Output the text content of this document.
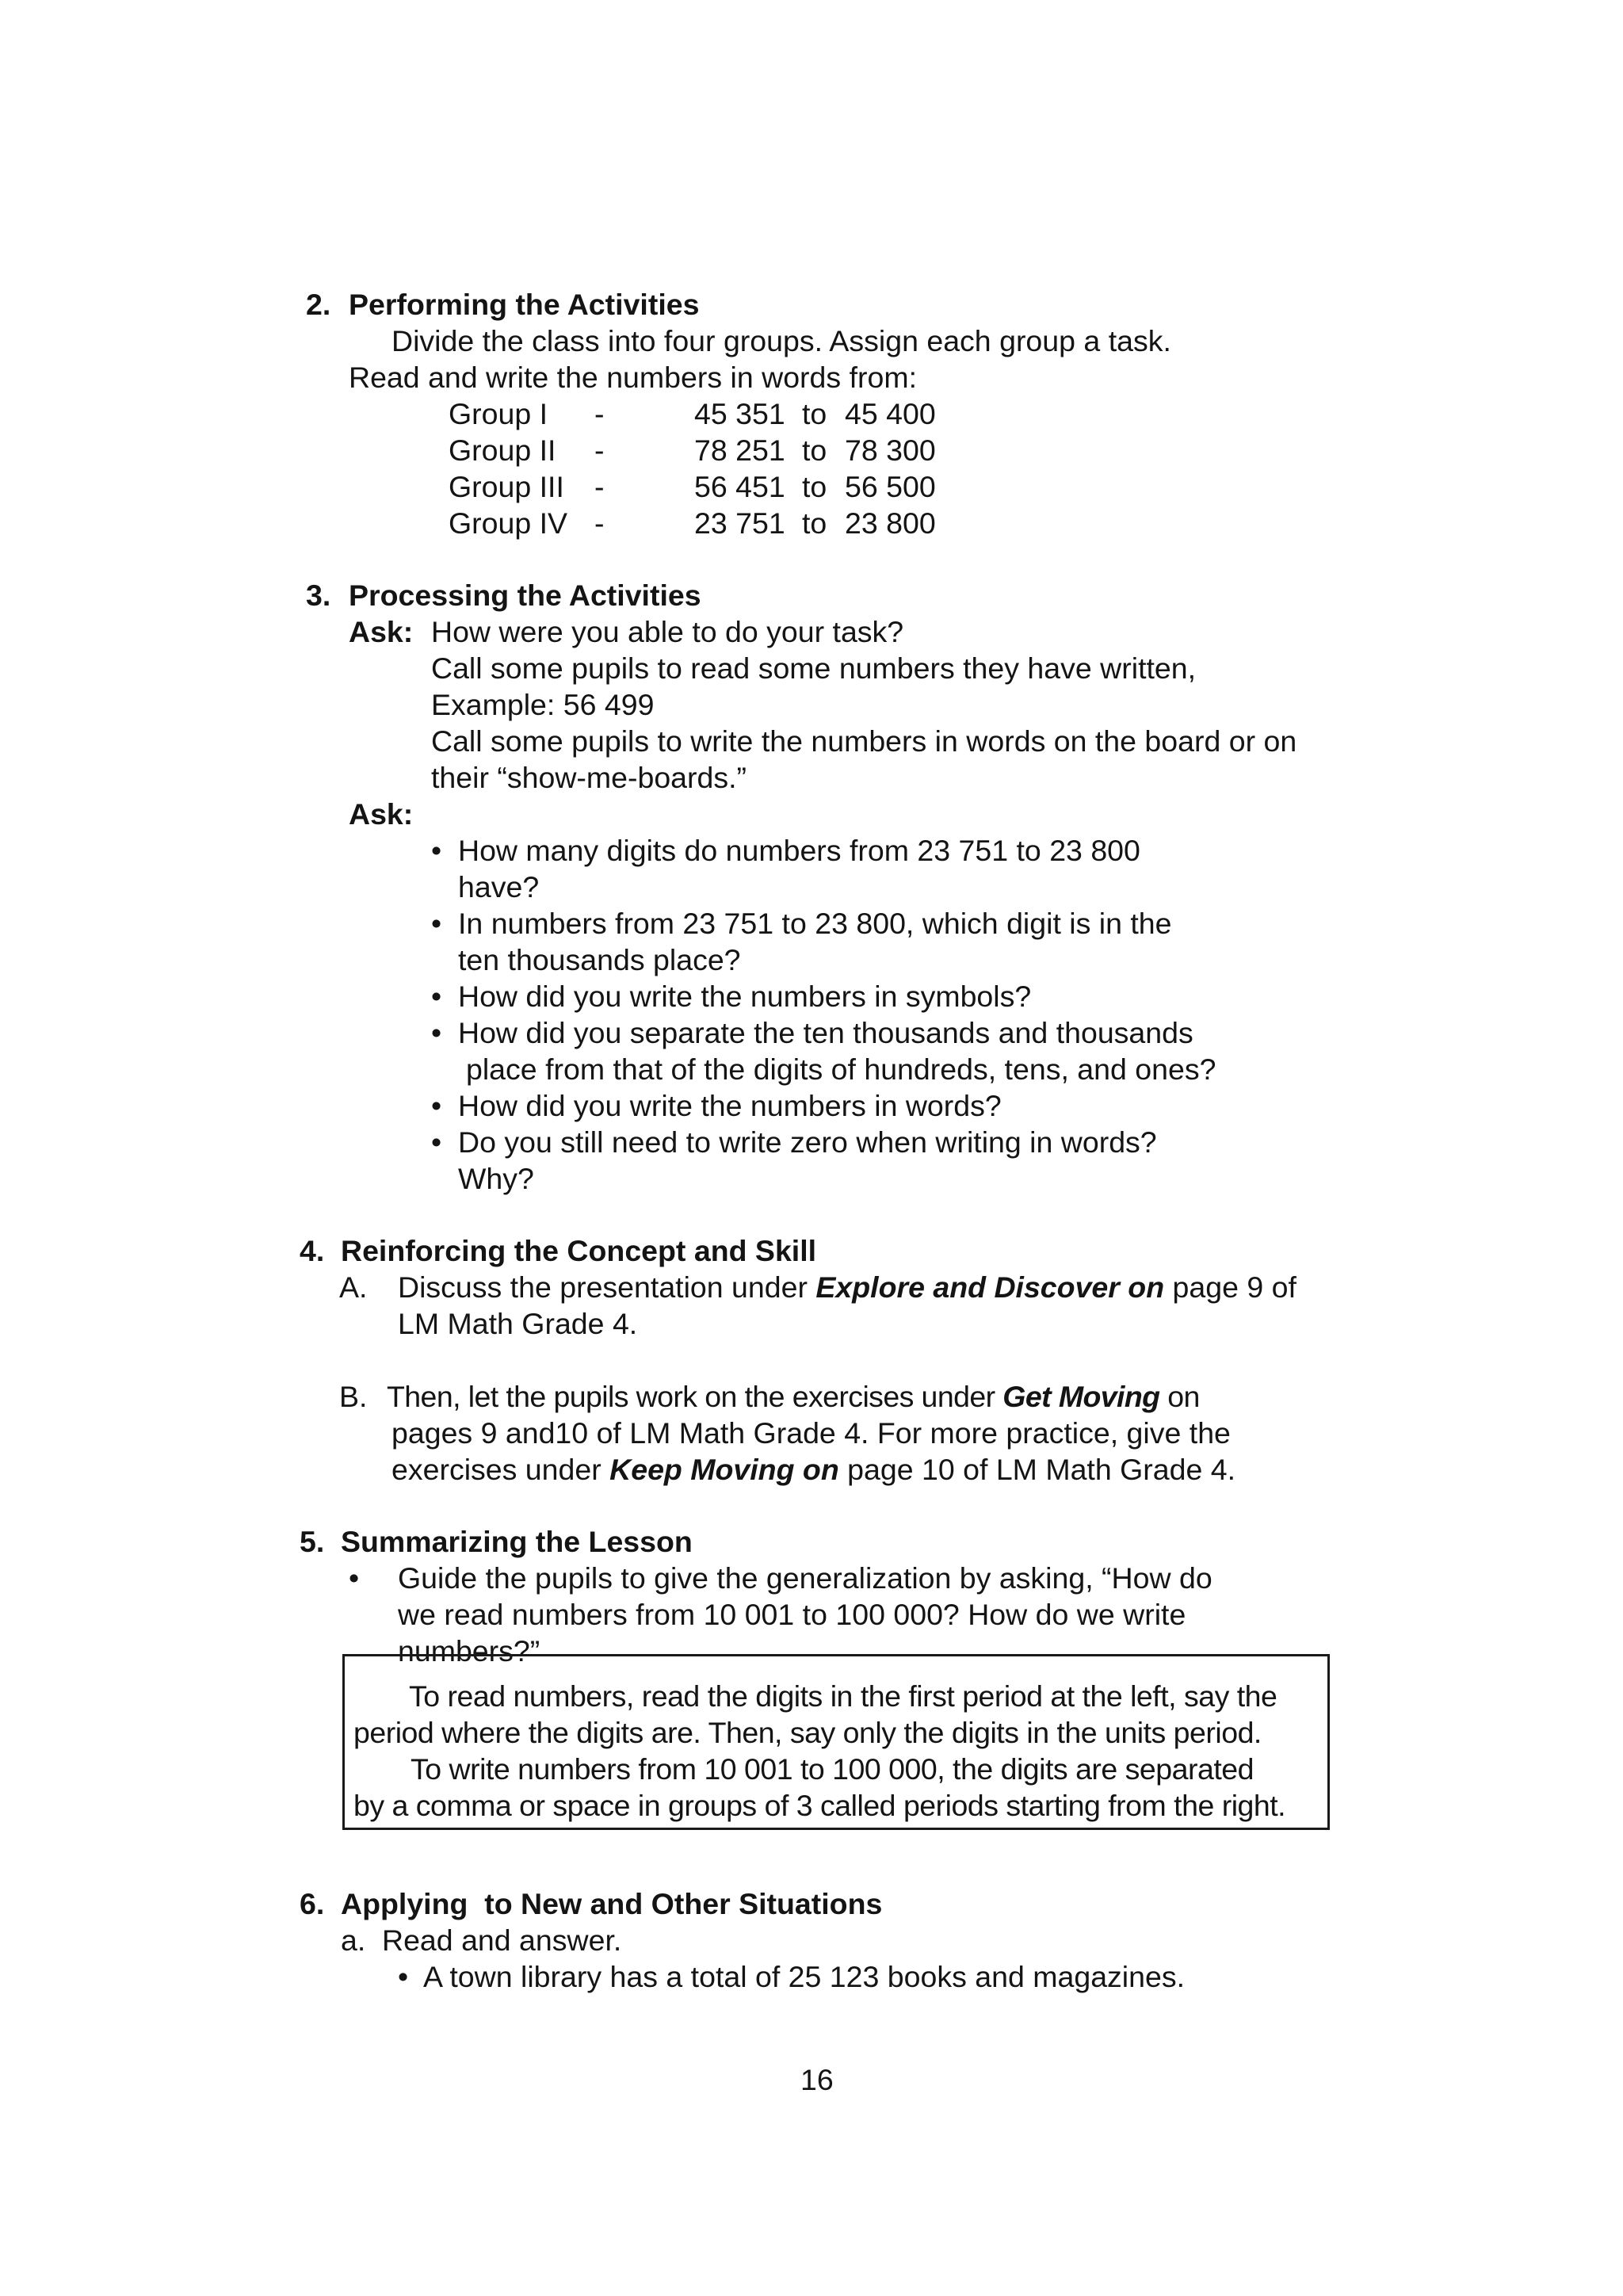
2. Performing the Activities
Divide the class into four groups. Assign each group a task.
Read and write the numbers in words from:
Group I -	45 351 to 45 400
Group II -	78 251 to 78 300
Group III -	56 451 to 56 500
Group IV -	23 751 to 23 800
3. Processing the Activities
Ask: How were you able to do your task?
Call some pupils to read some numbers they have written,
Example: 56 499
Call some pupils to write the numbers in words on the board or on
their “show-me-boards.”
Ask:
• How many digits do numbers from 23 751 to 23 800
have?
• In numbers from 23 751 to 23 800, which digit is in the
ten thousands place?
• How did you write the numbers in symbols?
• How did you separate the ten thousands and thousands
place from that of the digits of hundreds, tens, and ones?
• How did you write the numbers in words?
• Do you still need to write zero when writing in words?
Why?
4. Reinforcing the Concept and Skill
A. Discuss the presentation under Explore and Discover on page 9 of
LM Math Grade 4.
B. Then, let the pupils work on the exercises under Get Moving on
pages 9 and10 of LM Math Grade 4. For more practice, give the
exercises under Keep Moving on page 10 of LM Math Grade 4.
5. Summarizing the Lesson
• Guide the pupils to give the generalization by asking, “How do
we read numbers from 10 001 to 100 000? How do we write
numbers?”
To read numbers, read the digits in the first period at the left, say the
period where the digits are. Then, say only the digits in the units period.
To write numbers from 10 001 to 100 000, the digits are separated
by a comma or space in groups of 3 called periods starting from the right.
6. Applying  to New and Other Situations
a. Read and answer.
• A town library has a total of 25 123 books and magazines.
16
